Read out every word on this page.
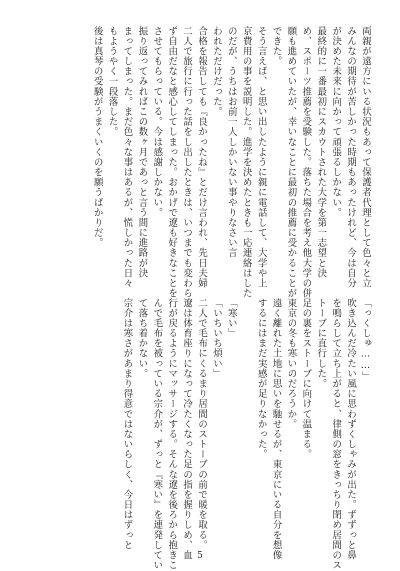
両親が遠方にいる状況もあって保護者代理として色々と立

みんなの期待が苦しかった時期もあったけれど、今は自分

が決めた未来に向かって頑張るしかない。

最終的に一番最初にスカウトされた大学を第一志望と決

め、スポーツ推薦を受験した。落ちた場合を考え他大学の併

願も進めていたが、幸いなことに最初の推薦に受かることが

できた。

そう言えば、と思い出したように親に電話して、大学や上

京費用の事を説明した。進学を決めたときも一応連絡はした

のだが、うちはお前一人しかいない事やりなさい言

われただけだった。

合格を報告しても『良かったね』とだけ言われ、先日夫婦

二人で旅行に行った話をし出したときは、いつまでも変わら

ず自由だなと感心してしまった。おかげで遼も好きなことを

させてもらっている。今は感謝しかない。

振り返ってみればこの数ヶ月であっと言う間に進路が決

まってしまった。まだ色々な事はあるが、慌しかった日々

もようやく一段落した。

後は真琴の受験がうまくいくのを願うばかりだ。

「っくしゅ……」

吹き込んだ冷たい風に思わずくしゃみが出た。ずずっと鼻

を鳴らして立ち上がると、律側の窓をきっちり閉め居間のス

トーブに直行した。

足の裏をストーブに向けて温まる。

東京の冬も寒いのだろうか。

遠く離れた土地に思いを馳せるが、東京にいる自分を想像

するにはまだ実感が足りなかった。

「寒い」

「いちいち煩い」

二人で毛布にくるまり居間のストーブの前で暖を取る。

遼は体育座りになって冷たくなった足の指を握りしめ、血

行が戻るようにマッサージする。そんな遼を後ろから抱きこ

んで毛布を被っている宗介が、ずっと『寒い』を連発してい

て落ち着かない。

宗介は寒さがあまり得意ではないらしく、今日はずっと

5
